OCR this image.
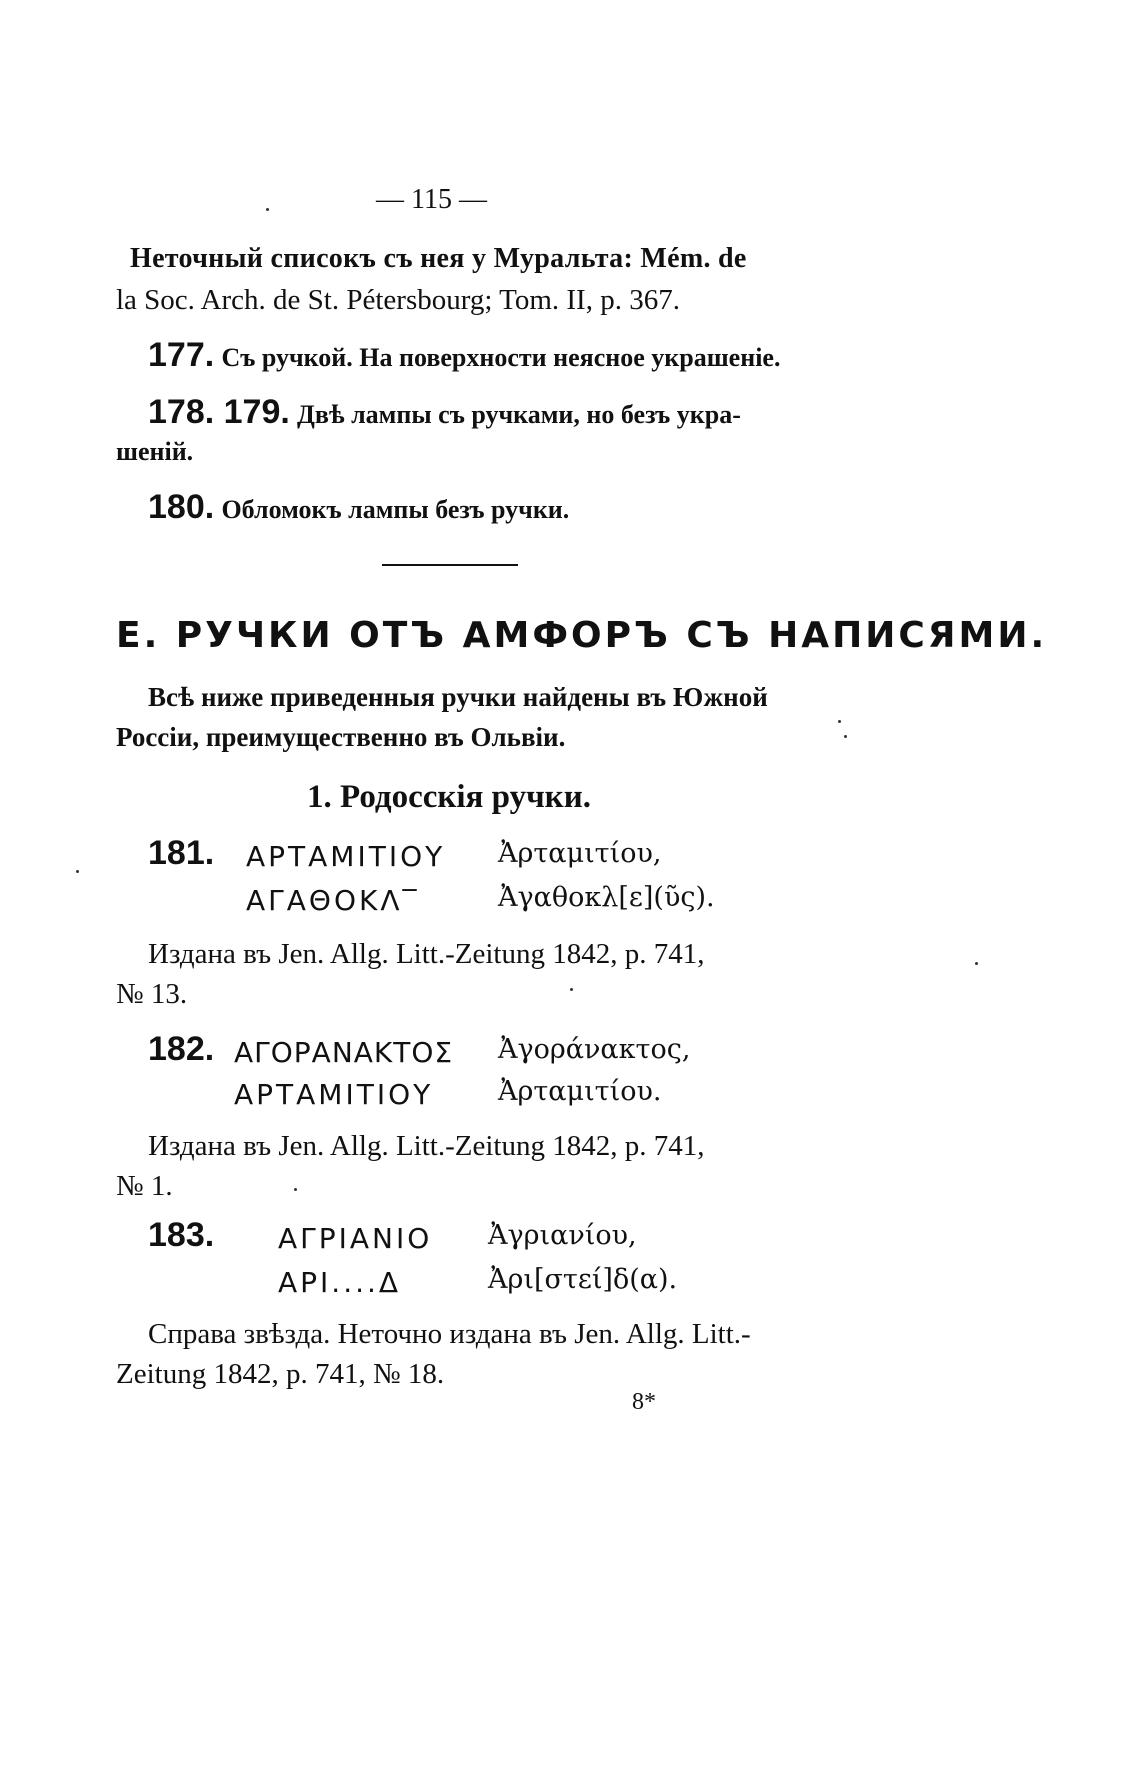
— 115 —
Неточный списокъ съ нея у Муральта: Mém. de
la Soc. Arch. de St. Pétersbourg; Tom. II, p. 367.
177. Съ ручкой. На поверхности неясное украшеніе.
178. 179. Двѣ лампы съ ручками, но безъ укра-
шеній.
180. Обломокъ лампы безъ ручки.
Е. РУЧКИ ОТЪ АМФОРЪ СЪ НАПИСЯМИ.
Всѣ ниже приведенныя ручки найдены въ Южной
Россіи, преимущественно въ Ольвіи.
1. Родосскія ручки.
181. ΑΡΤΑΜΙΤΙΟΥ Ἀρταμιτίου,
ΑΓΑΘΟΚΛ‾	Ἀγαθοκλ[ε](ῦς).
Издана въ Jen. Allg. Litt.-Zeitung 1842, p. 741,
№ 13.
182. ΑΓΟΡΑΝΑΚΤΟΣ Ἀγοράνακτος,
ΑΡΤΑΜΙΤΙΟΥ Ἀρταμιτίου.
Издана въ Jen. Allg. Litt.-Zeitung 1842, p. 741,
№ 1.
183. ΑΓΡΙΑΝΙΟ Ἀγριανίου,
ΑΡΙ....Δ	Ἀρι[στεί]δ(α).
Справа звѣзда. Неточно издана въ Jen. Allg. Litt.-
Zeitung 1842, p. 741, № 18.
8*
